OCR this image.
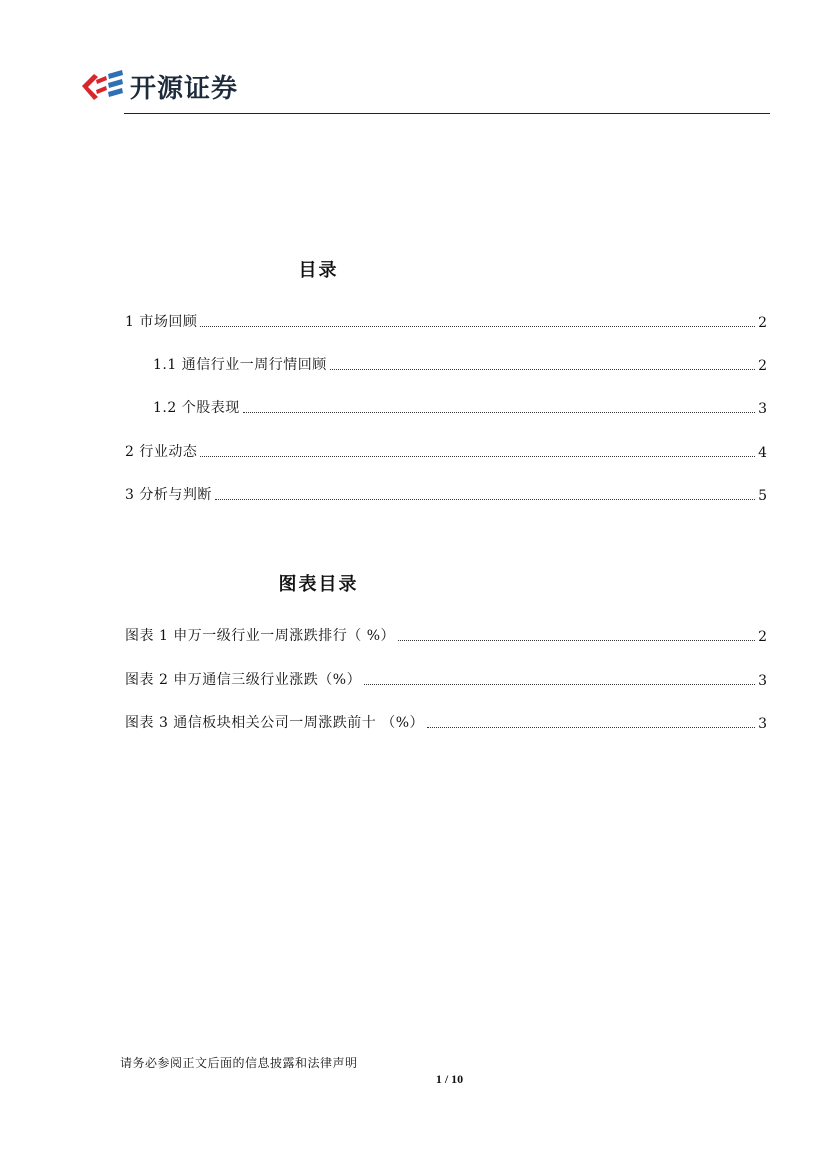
开源证券
目录
1 市场回顾	2
1.1 通信行业一周行情回顾	2
1.2 个股表现	3
2 行业动态	4
3 分析与判断	5
图表目录
图表 1 申万一级行业一周涨跌排行（ %）	2
图表 2 申万通信三级行业涨跌（%）	3
图表 3 通信板块相关公司一周涨跌前十 （%）	3
请务必参阅正文后面的信息披露和法律声明
1 / 10
